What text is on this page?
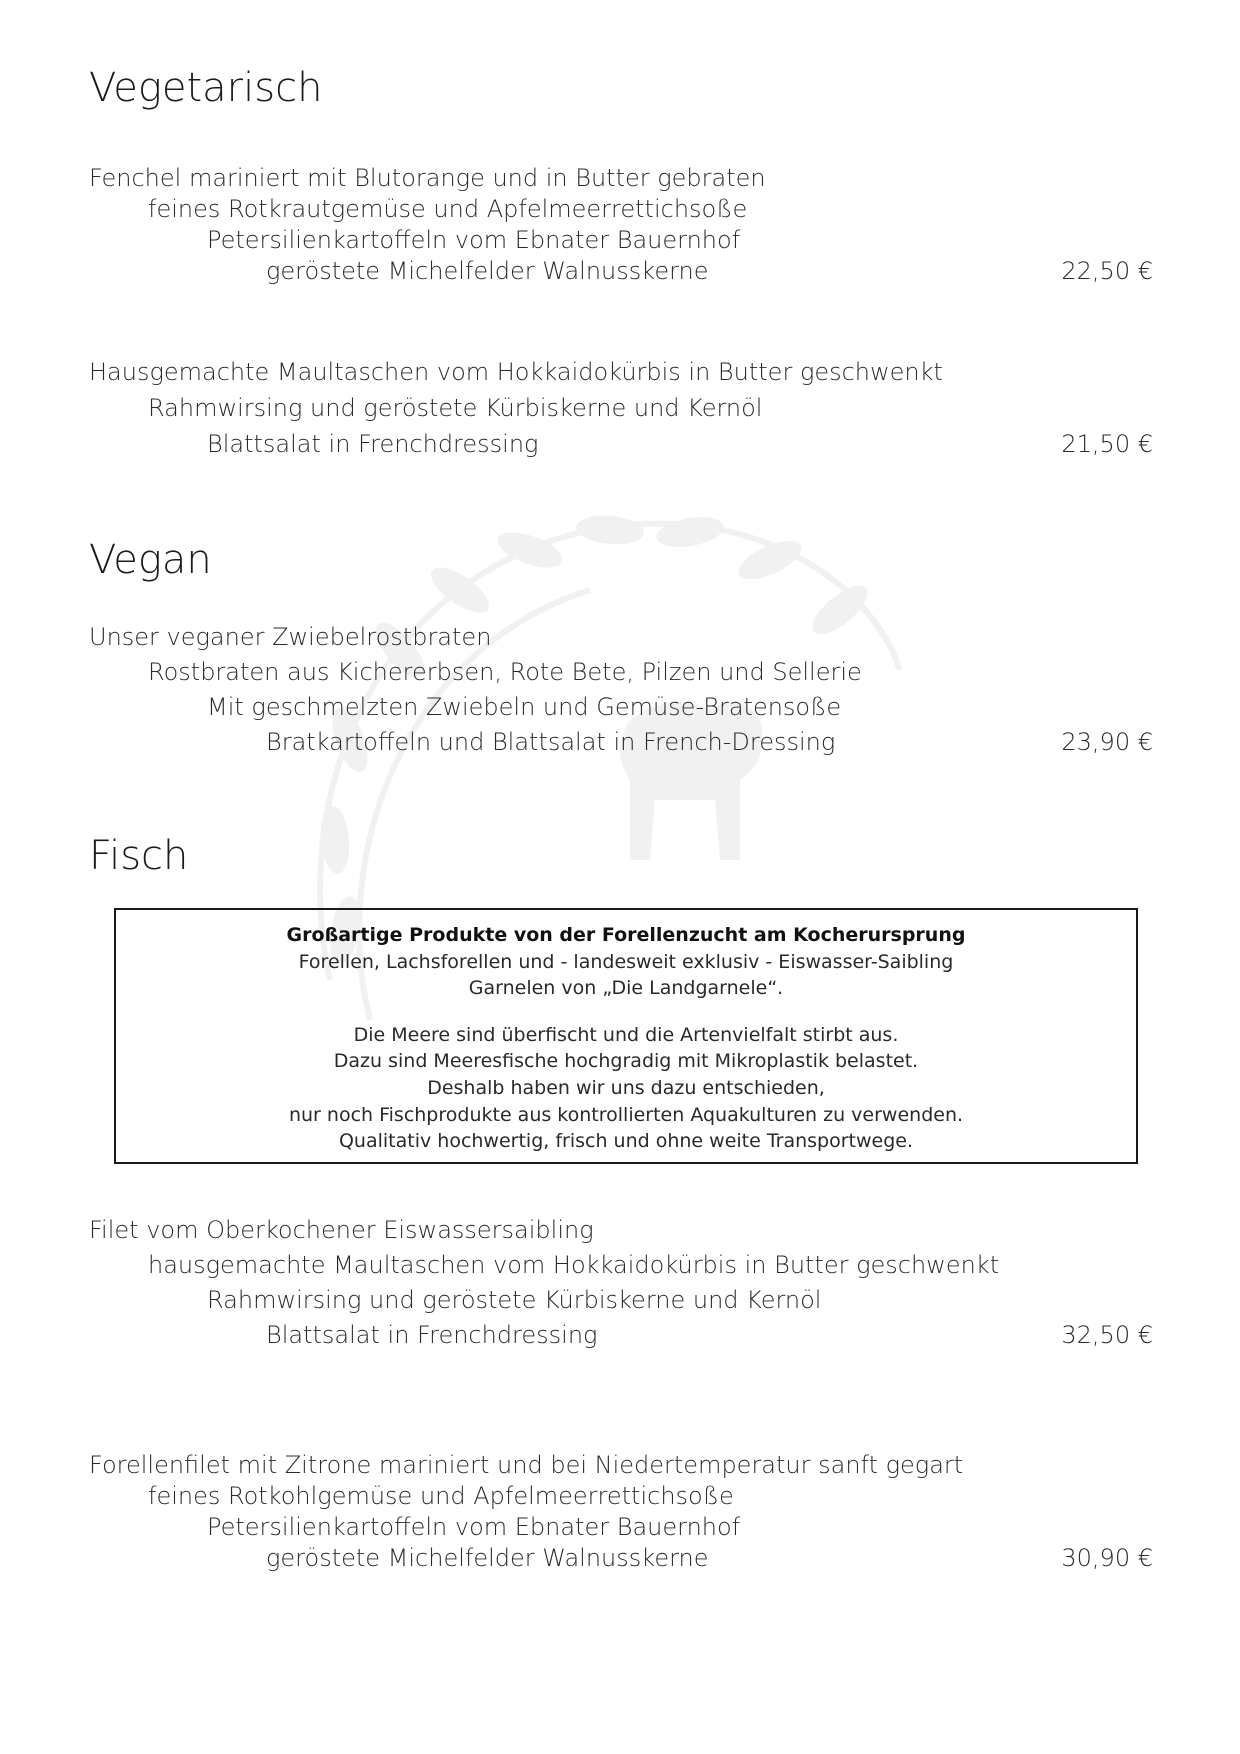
Vegetarisch
Fenchel mariniert mit Blutorange und in Butter gebraten
feines Rotkrautgemüse und Apfelmeerrettichsoße
Petersilienkartoffeln vom Ebnater Bauernhof
geröstete Michelfelder Walnusskerne	22,50 €
Hausgemachte Maultaschen vom Hokkaidokürbis in Butter geschwenkt
Rahmwirsing und geröstete Kürbiskerne und Kernöl
Blattsalat in Frenchdressing	21,50 €
Vegan
Unser veganer Zwiebelrostbraten
Rostbraten aus Kichererbsen, Rote Bete, Pilzen und Sellerie
Mit geschmelzten Zwiebeln und Gemüse-Bratensoße
Bratkartoffeln und Blattsalat in French-Dressing	23,90 €
Fisch
Großartige Produkte von der Forellenzucht am Kocherursprung
Forellen, Lachsforellen und - landesweit exklusiv - Eiswasser-Saibling
Garnelen von „Die Landgarnele“.
Die Meere sind überfischt und die Artenvielfalt stirbt aus.
Dazu sind Meeresfische hochgradig mit Mikroplastik belastet.
Deshalb haben wir uns dazu entschieden,
nur noch Fischprodukte aus kontrollierten Aquakulturen zu verwenden.
Qualitativ hochwertig, frisch und ohne weite Transportwege.
Filet vom Oberkochener Eiswassersaibling
hausgemachte Maultaschen vom Hokkaidokürbis in Butter geschwenkt
Rahmwirsing und geröstete Kürbiskerne und Kernöl
Blattsalat in Frenchdressing	32,50 €
Forellenfilet mit Zitrone mariniert und bei Niedertemperatur sanft gegart
feines Rotkohlgemüse und Apfelmeerrettichsoße
Petersilienkartoffeln vom Ebnater Bauernhof
geröstete Michelfelder Walnusskerne	30,90 €
